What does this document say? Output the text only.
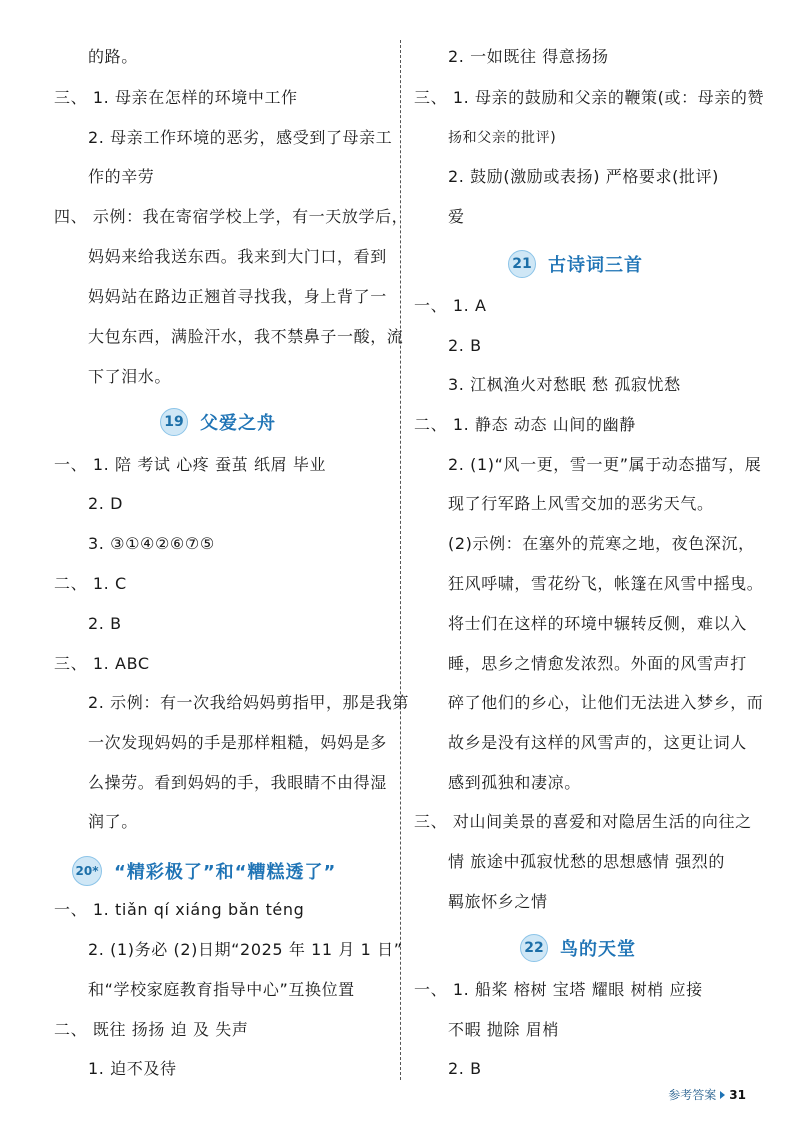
的路。
三、 1. 母亲在怎样的环境中工作
2. 母亲工作环境的恶劣，感受到了母亲工
作的辛劳
四、 示例：我在寄宿学校上学，有一天放学后，
妈妈来给我送东西。我来到大门口，看到
妈妈站在路边正翘首寻找我，身上背了一
大包东西，满脸汗水，我不禁鼻子一酸，流
下了泪水。
19 父爱之舟
一、 1. 陪 考试 心疼 蚕茧 纸屑 毕业
2. D
3. ③①④②⑥⑦⑤
二、 1. C
2. B
三、 1. ABC
2. 示例：有一次我给妈妈剪指甲，那是我第
一次发现妈妈的手是那样粗糙，妈妈是多
么操劳。看到妈妈的手，我眼睛不由得湿
润了。
20* “精彩极了”和“糟糕透了”
一、 1. tiǎn qí xiáng bǎn téng
2. (1)务必 (2)日期“2025 年 11 月 1 日”
和“学校家庭教育指导中心”互换位置
二、 既往 扬扬 迫 及 失声
1. 迫不及待
2. 一如既往 得意扬扬
三、 1. 母亲的鼓励和父亲的鞭策(或：母亲的赞
扬和父亲的批评)
2. 鼓励(激励或表扬) 严格要求(批评)
爱
21 古诗词三首
一、 1. A
2. B
3. 江枫渔火对愁眠 愁 孤寂忧愁
二、 1. 静态 动态 山间的幽静
2. (1)“风一更，雪一更”属于动态描写，展
现了行军路上风雪交加的恶劣天气。
(2)示例：在塞外的荒寒之地，夜色深沉，
狂风呼啸，雪花纷飞，帐篷在风雪中摇曳。
将士们在这样的环境中辗转反侧，难以入
睡，思乡之情愈发浓烈。外面的风雪声打
碎了他们的乡心，让他们无法进入梦乡，而
故乡是没有这样的风雪声的，这更让词人
感到孤独和凄凉。
三、 对山间美景的喜爱和对隐居生活的向往之
情 旅途中孤寂忧愁的思想感情 强烈的
羁旅怀乡之情
22 鸟的天堂
一、 1. 船桨 榕树 宝塔 耀眼 树梢 应接
不暇 抛除 眉梢
2. B
参考答案 31
